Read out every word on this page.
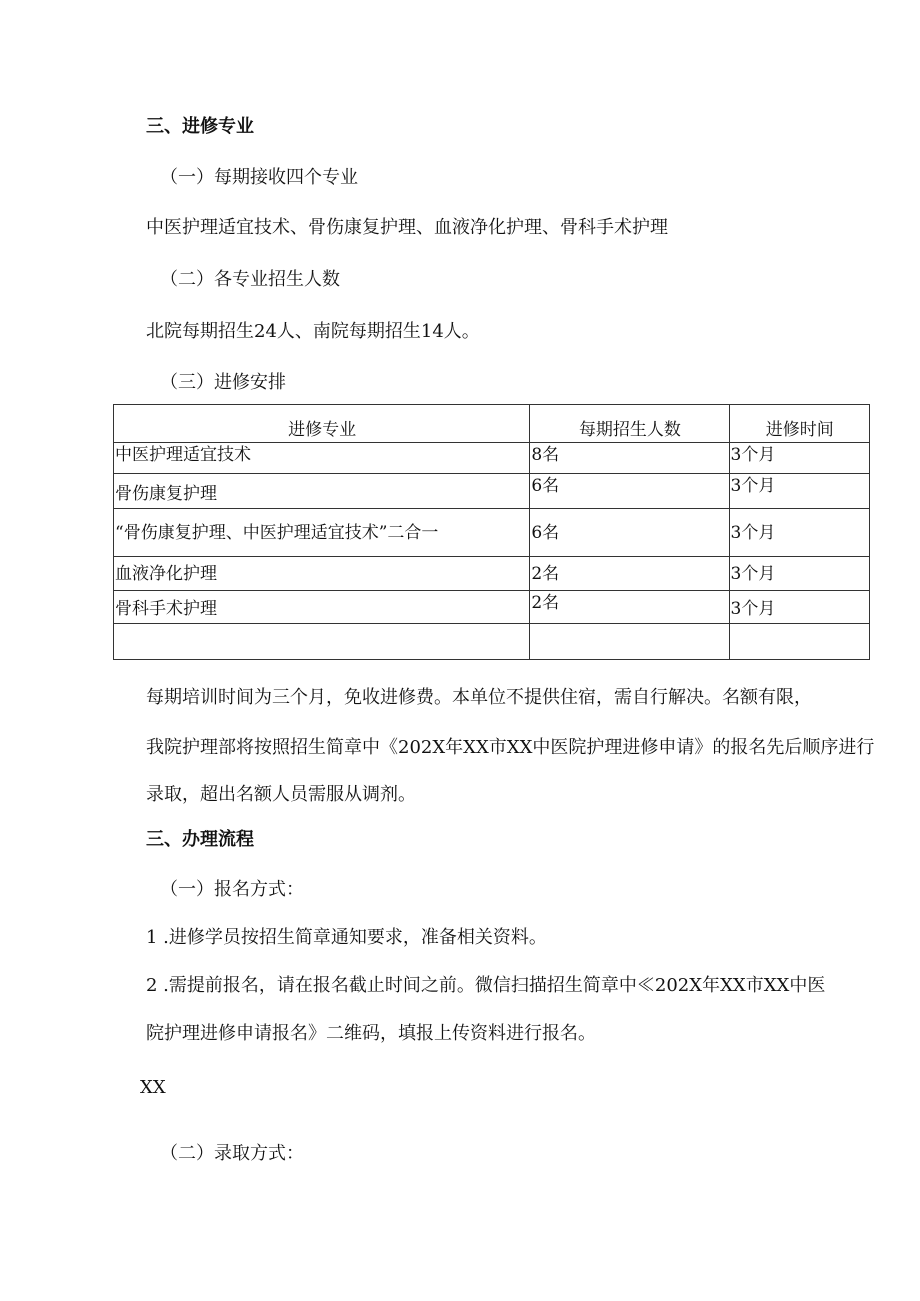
三、进修专业
（一）每期接收四个专业
中医护理适宜技术、骨伤康复护理、血液净化护理、骨科手术护理
（二）各专业招生人数
北院每期招生24人、南院每期招生14人。
（三）进修安排
进修专业	每期招生人数	进修时间
中医护理适宜技术	8名	3个月
骨伤康复护理	6名	3个月
“骨伤康复护理、中医护理适宜技术”二合一	6名	3个月
血液净化护理	2名	3个月
骨科手术护理	2名	3个月

每期培训时间为三个月，免收进修费。本单位不提供住宿，需自行解决。名额有限，
我院护理部将按照招生简章中《202X年XX市XX中医院护理进修申请》的报名先后顺序进行
录取，超出名额人员需服从调剂。
三、办理流程
（一）报名方式：
1 .进修学员按招生简章通知要求，准备相关资料。
2 .需提前报名，请在报名截止时间之前。微信扫描招生简章中≪202X年XX市XX中医
院护理进修申请报名》二维码，填报上传资料进行报名。
XX
（二）录取方式：
